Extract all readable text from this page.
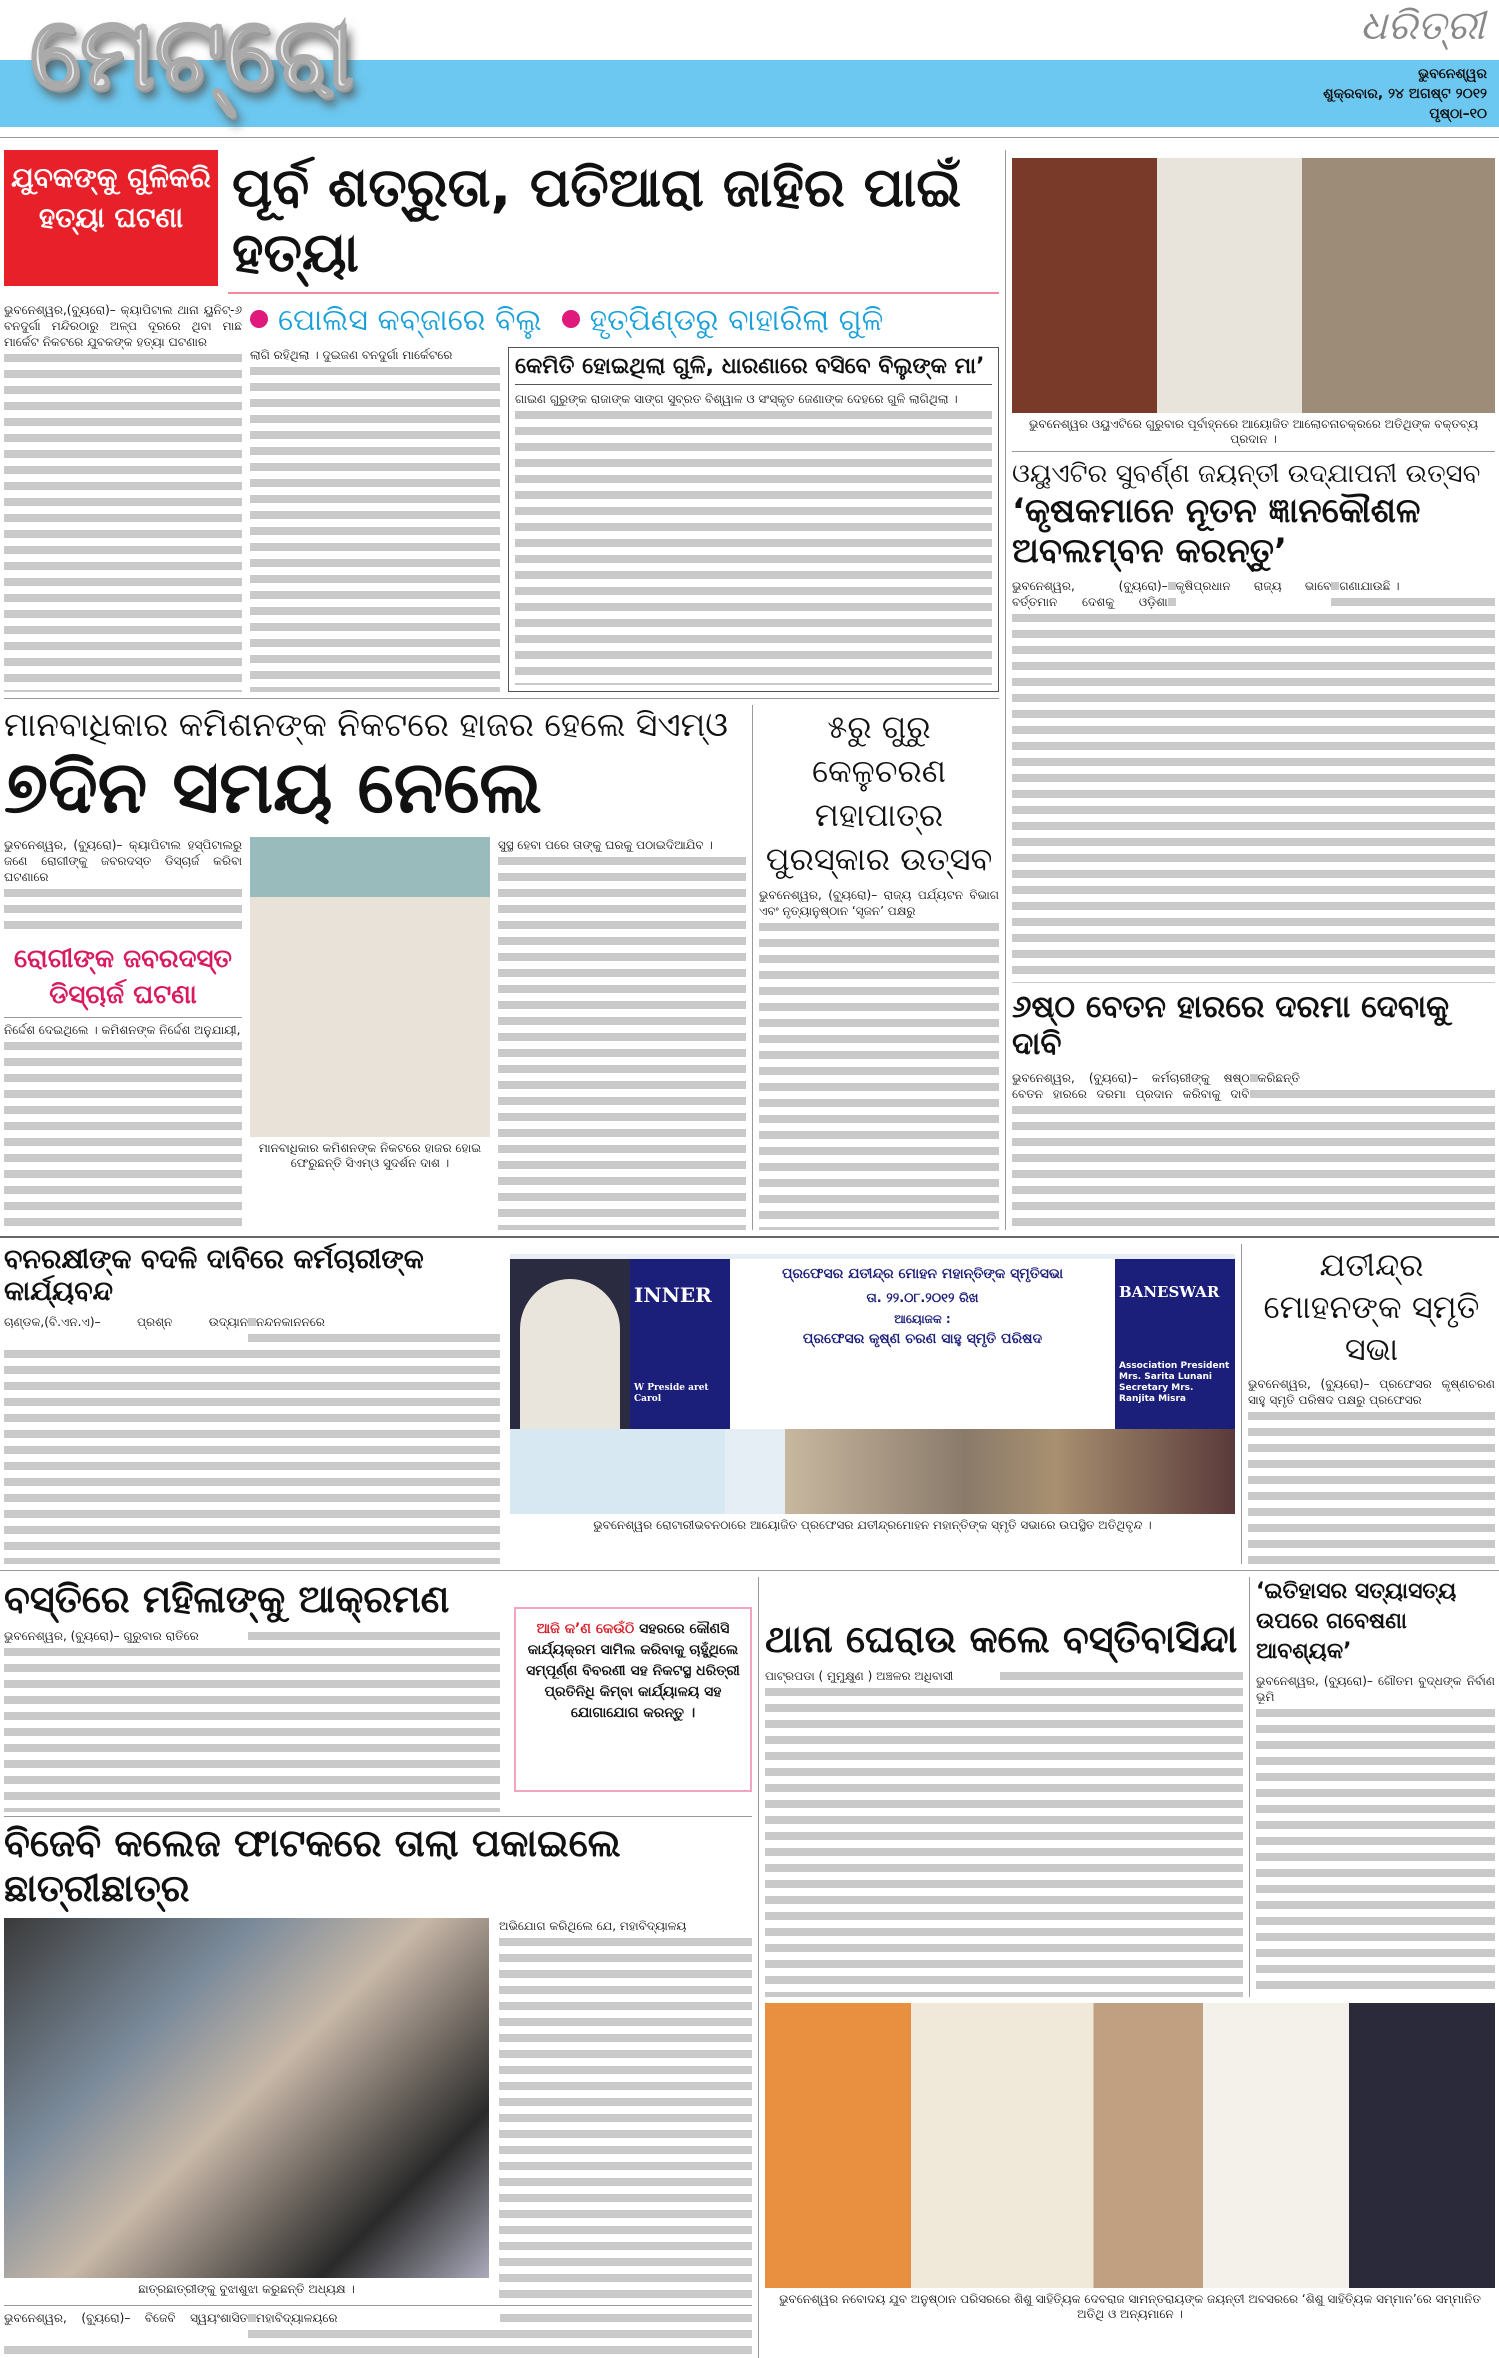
ମେଟ୍ରୋ	ଧରିତ୍ରୀ
ଭୁବନେଶ୍ୱର
ଶୁକ୍ରବାର, ୨୪ ଅଗଷ୍ଟ ୨୦୧୨
ପୃଷ୍ଠା–୧୦
ଯୁବକଙ୍କୁ ଗୁଳିକରି ହତ୍ୟା ଘଟଣା ପୂର୍ବ ଶତ୍ରୁତା, ପତିଆରା ଜାହିର ପାଇଁ ହତ୍ୟା

ଭୁବନେଶ୍ୱର,(ବ୍ୟୁରୋ)– କ୍ୟାପିଟାଲ ଥାନା ୟୁନିଟ୍‌-୬ ବନଦୁର୍ଗା ମନ୍ଦିରଠାରୁ ଅଳ୍ପ ଦୂରରେ ଥିବା ମାଛ ମାର୍କେଟ ନିକଟରେ ଯୁବକଙ୍କ ହତ୍ୟା ଘଟଣାର

ପୋଲିସ କବ୍‌ଜାରେ ବିଲୁ	ହୃତ୍‌ପିଣ୍ଡରୁ ବାହାରିଲା ଗୁଳି

ଲାଗି ରହିଥିଲା । ଦୁଇଜଣ ବନଦୁର୍ଗା ମାର୍କେଟରେ	କେମିତି ହୋଇଥିଲା ଗୁଳି, ଧାରଣାରେ ବସିବେ ବିଲୁଙ୍କ ମା’

ଗାଇଣ ଗୁରୁଙ୍କ ରାଜାଙ୍କ ସାଙ୍ଗ ସୁବ୍ରତ ବିଶ୍ୱାଳ ଓ ସଂସ୍କୃତ ଜେଣାଙ୍କ ଦେହରେ ଗୁଳି ଲାଗିଥିଲା ।

ମାନବାଧିକାର କମିଶନଙ୍କ ନିକଟରେ ହାଜର ହେଲେ ସିଏମ୍‌ଓ
୭ଦିନ ସମୟ ନେଲେ

ଭୁବନେଶ୍ୱର, (ବ୍ୟୁରୋ)– କ୍ୟାପିଟାଲ ହସ୍ପିଟାଲରୁ ଜଣେ ରୋଗୀଙ୍କୁ ଜବରଦସ୍ତ ଡିସ୍‌ଚାର୍ଜ କରିବା ଘଟଣାରେ

ରୋଗୀଙ୍କ ଜବରଦସ୍ତ ଡିସ୍‌ଚାର୍ଜ ଘଟଣା

ନିର୍ଦ୍ଦେଶ ଦେଇଥିଲେ । କମିଶନଙ୍କ ନିର୍ଦ୍ଦେଶ ଅନୁଯାୟୀ,

ମାନବାଧିକାର କମିଶନଙ୍କ ନିକଟରେ ହାଜର ହୋଇ ଫେରୁଛନ୍ତି ସିଏମ୍‌ଓ ସୁଦର୍ଶନ ଦାଶ ।

ସୁସ୍ଥ ହେବା ପରେ ତାଙ୍କୁ ଘରକୁ ପଠାଇଦିଆଯିବ ।

୫ରୁ ଗୁରୁ କେଳୁଚରଣ ମହାପାତ୍ର ପୁରସ୍କାର ଉତ୍ସବ

ଭୁବନେଶ୍ୱର, (ବ୍ୟୁରୋ)– ରାଜ୍ୟ ପର୍ଯ୍ୟଟନ ବିଭାଗ ଏବଂ ନୃତ୍ୟାନୁଷ୍ଠାନ ‘ସୃଜନ’ ପକ୍ଷରୁ

ଭୁବନେଶ୍ୱର ଓୟୁଏଟିରେ ଗୁରୁବାର ପୂର୍ବାହ୍ନରେ ଆୟୋଜିତ ଆଲୋଚନାଚକ୍ରରେ ଅତିଥିଙ୍କ ବକ୍ତବ୍ୟ ପ୍ରଦାନ ।
ଓୟୁଏଟିର ସୁବର୍ଣ୍ଣ ଜୟନ୍ତୀ ଉଦ୍‌ଯାପନୀ ଉତ୍ସବ
‘କୃଷକମାନେ ନୂତନ ଜ୍ଞାନକୌଶଳ ଅବଲମ୍ବନ କରନ୍ତୁ’

ଭୁବନେଶ୍ୱର, (ବ୍ୟୁରୋ)– ବର୍ତ୍ତମାନ ଦେଶକୁ ଓଡ଼ିଶା କୃଷିପ୍ରଧାନ ରାଜ୍ୟ ଭାବେ ଗଣାଯାଉଛି ।

୬ଷ୍ଠ ବେତନ ହାରରେ ଦରମା ଦେବାକୁ ଦାବି

ଭୁବନେଶ୍ୱର, (ବ୍ୟୁରୋ)– କର୍ମଚାରୀଙ୍କୁ ଷଷ୍ଠ ବେତନ ହାରରେ ଦରମା ପ୍ରଦାନ କରିବାକୁ ଦାବି କରିଛନ୍ତି

ବନରକ୍ଷୀଙ୍କ ବଦଳି ଦାବିରେ କର୍ମଚାରୀଙ୍କ କାର୍ଯ୍ୟବନ୍ଦ

ଚାଣ୍ଡକ,(ବି.ଏନ.ଏ)– ପ୍ରଶ୍ନ ଉଦ୍ୟାନ ନନ୍ଦନକାନନରେ

INNER
W Preside aret Carol
ପ୍ରଫେସର ଯତୀନ୍ଦ୍ର ମୋହନ ମହାନ୍ତିଙ୍କ ସ୍ମୃତିସଭା
ତା. ୨୨.୦୮.୨୦୧୨ ରିଖ
ଆୟୋଜକ :
ପ୍ରଫେସର କୃଷ୍ଣ ଚରଣ ସାହୁ ସ୍ମୃତି ପରିଷଦ
BANESWAR
Association President Mrs. Sarita Lunani Secretary Mrs. Ranjita Misra
ଭୁବନେଶ୍ୱର ରୋଟାରୀଭବନଠାରେ ଆୟୋଜିତ ପ୍ରଫେସର ଯତୀନ୍ଦ୍ରମୋହନ ମହାନ୍ତିଙ୍କ ସ୍ମୃତି ସଭାରେ ଉପସ୍ଥିତ ଅତିଥିବୃନ୍ଦ ।
ଯତୀନ୍ଦ୍ର ମୋହନଙ୍କ ସ୍ମୃତି ସଭା

ଭୁବନେଶ୍ୱର, (ବ୍ୟୁରୋ)– ପ୍ରଫେସର କୃଷ୍ଣଚରଣ ସାହୁ ସ୍ମୃତି ପରିଷଦ ପକ୍ଷରୁ ପ୍ରଫେସର

ବସ୍ତିରେ ମହିଳାଙ୍କୁ ଆକ୍ରମଣ

ଭୁବନେଶ୍ୱର, (ବ୍ୟୁରୋ)– ଗୁରୁବାର ରାତିରେ	ଆଜି କ’ଣ କେଉଁଠି ସହରରେ କୌଣସି କାର୍ଯ୍ୟକ୍ରମ ସାମିଲ କରିବାକୁ ଚାହୁଁଥିଲେ ସମ୍ପୂର୍ଣ୍ଣ ବିବରଣୀ ସହ ନିକଟସ୍ଥ ଧରିତ୍ରୀ ପ୍ରତିନିଧି କିମ୍ବା କାର୍ଯ୍ୟାଳୟ ସହ ଯୋଗାଯୋଗ କରନ୍ତୁ ।
ବିଜେବି କଲେଜ ଫାଟକରେ ତାଲା ପକାଇଲେ ଛାତ୍ରୀଛାତ୍ର
ଛାତ୍ରଛାତ୍ରୀଙ୍କୁ ବୁଝାଶୁଝା କରୁଛନ୍ତି ଅଧ୍ୟକ୍ଷ ।

ଅଭିଯୋଗ କରିଥିଲେ ଯେ, ମହାବିଦ୍ୟାଳୟ

ଭୁବନେଶ୍ୱର, (ବ୍ୟୁରୋ)– ବିଜେବି ସ୍ୱୟଂଶାସିତ ମହାବିଦ୍ୟାଳୟରେ

ଥାନା ଘେରାଉ କଲେ ବସ୍ତିବାସିନ୍ଦା

ପାଟ୍ରପଡା ( ମୁମୁକ୍ଷୁଣ ) ଅଞ୍ଚଳର ଅଧିବାସୀ

‘ଇତିହାସର ସତ୍ୟାସତ୍ୟ ଉପରେ ଗବେଷଣା ଆବଶ୍ୟକ’

ଭୁବନେଶ୍ୱର, (ବ୍ୟୁରୋ)– ଗୌତମ ବୁଦ୍ଧଙ୍କ ନିର୍ବାଣ ଭୂମି

ଭୁବନେଶ୍ୱର ନବୋଦୟ ଯୁବ ଅନୁଷ୍ଠାନ ପରିସରରେ ଶିଶୁ ସାହିତ୍ୟିକ ଦେବରାଜ ସାମନ୍ତରାୟଙ୍କ ଜୟନ୍ତୀ ଅବସରରେ ‘ଶିଶୁ ସାହିତ୍ୟିକ ସମ୍ମାନ’ରେ ସମ୍ମାନିତ ଅତିଥି ଓ ଅନ୍ୟମାନେ ।
